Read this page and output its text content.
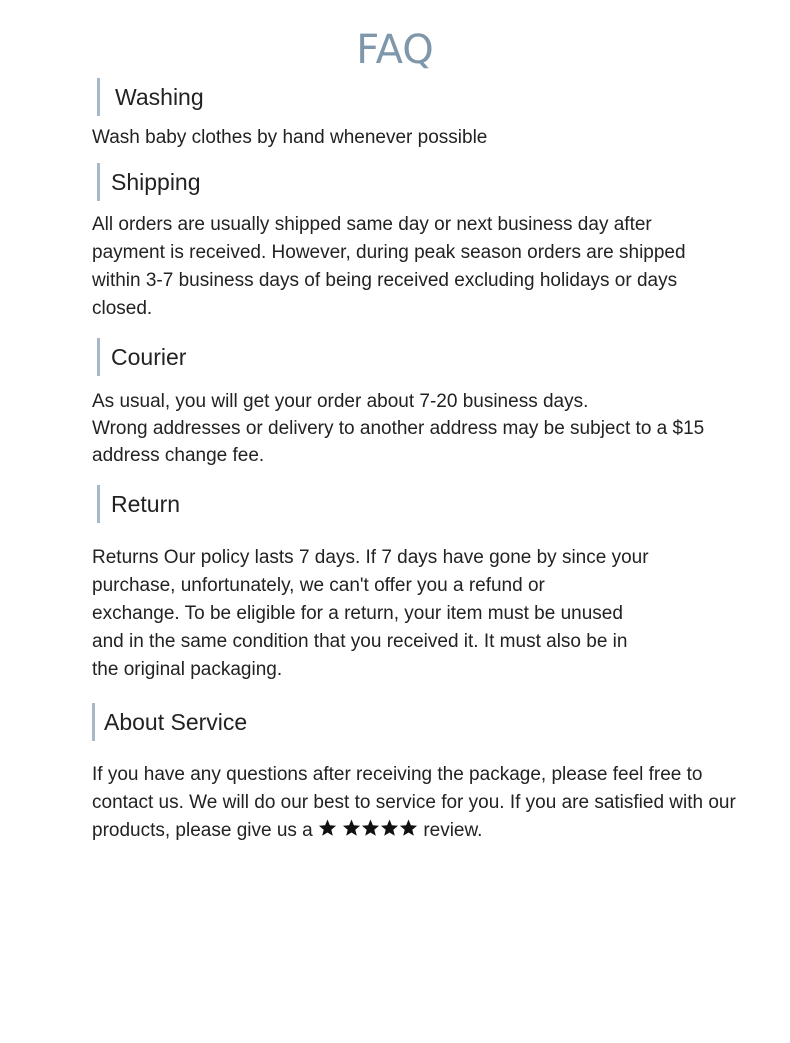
FAQ
Washing
Wash baby clothes by hand whenever possible
Shipping
All orders are usually shipped same day or next business day after
payment is received. However, during peak season orders are shipped
within 3-7 business days of being received excluding holidays or days
closed.
Courier
As usual, you will get your order about 7-20 business days.
Wrong addresses or delivery to another address may be subject to a $15
address change fee.
Return
Returns Our policy lasts 7 days. If 7 days have gone by since your
purchase, unfortunately, we can't offer you a refund or
exchange. To be eligible for a return, your item must be unused
and in the same condition that you received it. It must also be in
the original packaging.
About Service
If you have any questions after receiving the package, please feel free to
contact us. We will do our best to service for you. If you are satisfied with our
products, please give us a	review.
